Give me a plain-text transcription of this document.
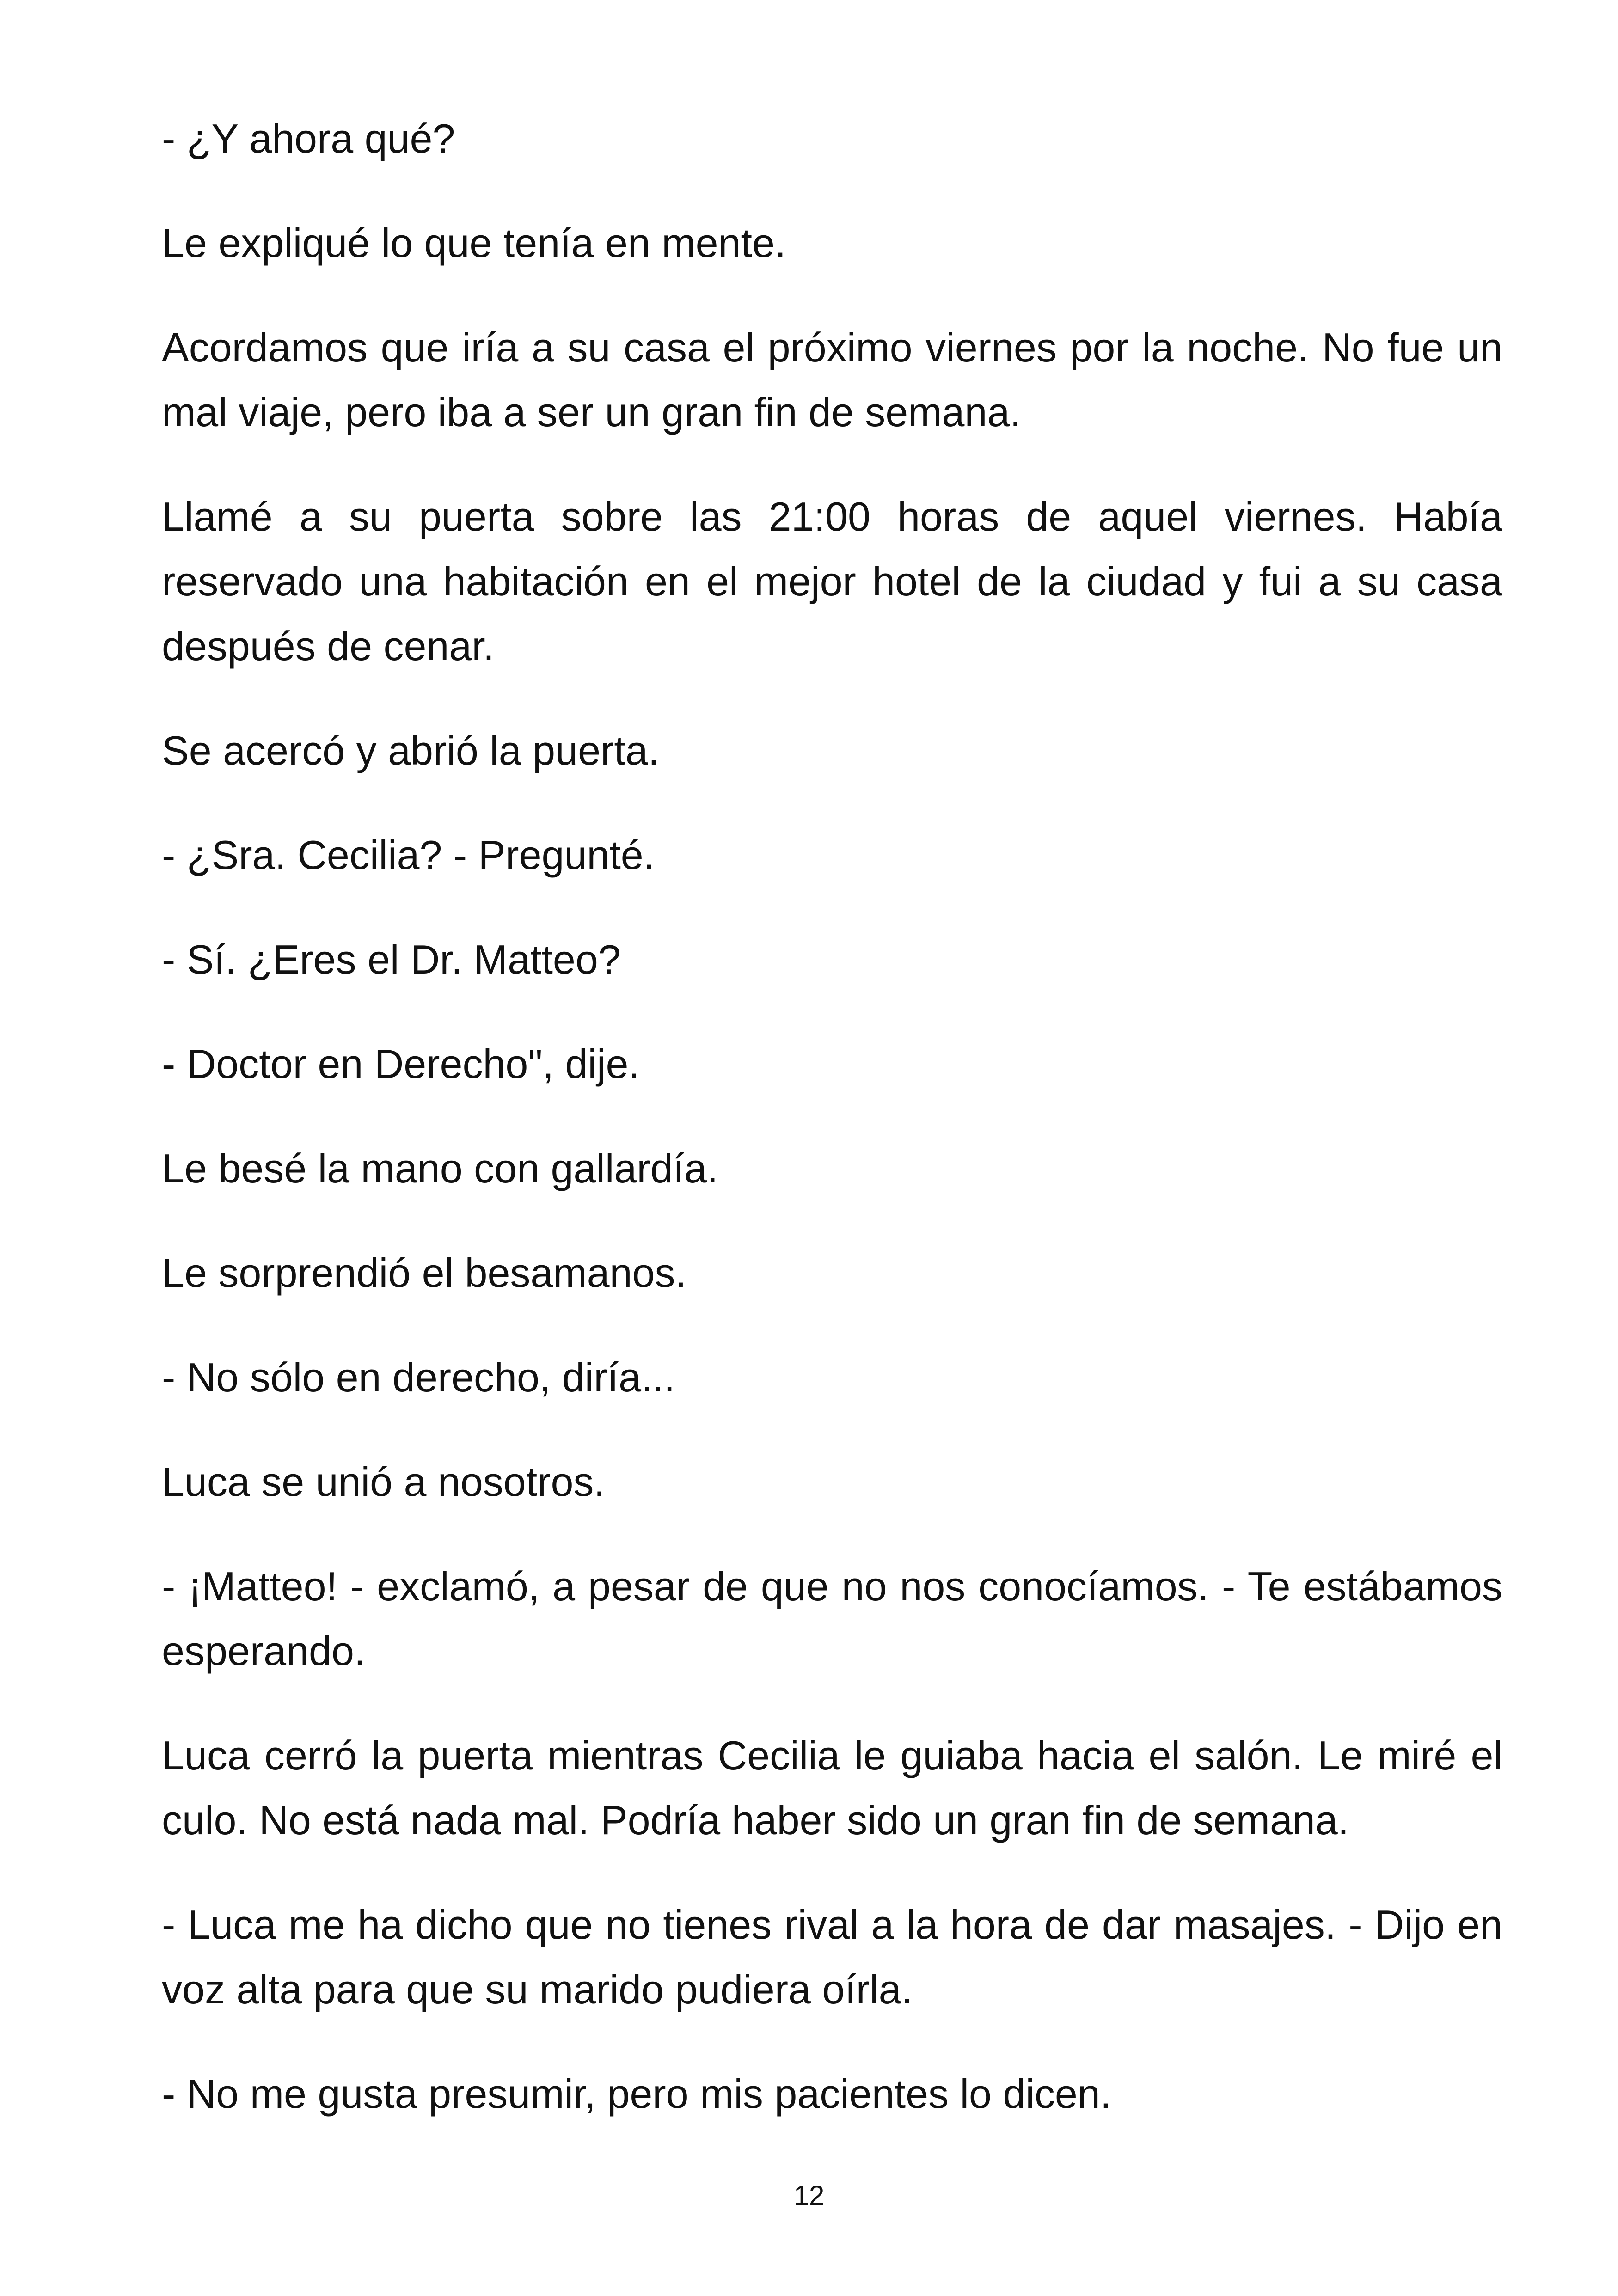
- ¿Y ahora qué?

Le expliqué lo que tenía en mente.

Acordamos que iría a su casa el próximo viernes por la noche. No fue un mal viaje, pero iba a ser un gran fin de semana.

Llamé a su puerta sobre las 21:00 horas de aquel viernes. Había reservado una habitación en el mejor hotel de la ciudad y fui a su casa después de cenar.

Se acercó y abrió la puerta.

- ¿Sra. Cecilia? - Pregunté.

- Sí. ¿Eres el Dr. Matteo?

- Doctor en Derecho", dije.

Le besé la mano con gallardía.

Le sorprendió el besamanos.

- No sólo en derecho, diría...

Luca se unió a nosotros.

- ¡Matteo! - exclamó, a pesar de que no nos conocíamos. - Te estábamos esperando.

Luca cerró la puerta mientras Cecilia le guiaba hacia el salón. Le miré el culo. No está nada mal. Podría haber sido un gran fin de semana.

- Luca me ha dicho que no tienes rival a la hora de dar masajes. - Dijo en voz alta para que su marido pudiera oírla.

- No me gusta presumir, pero mis pacientes lo dicen.

12
